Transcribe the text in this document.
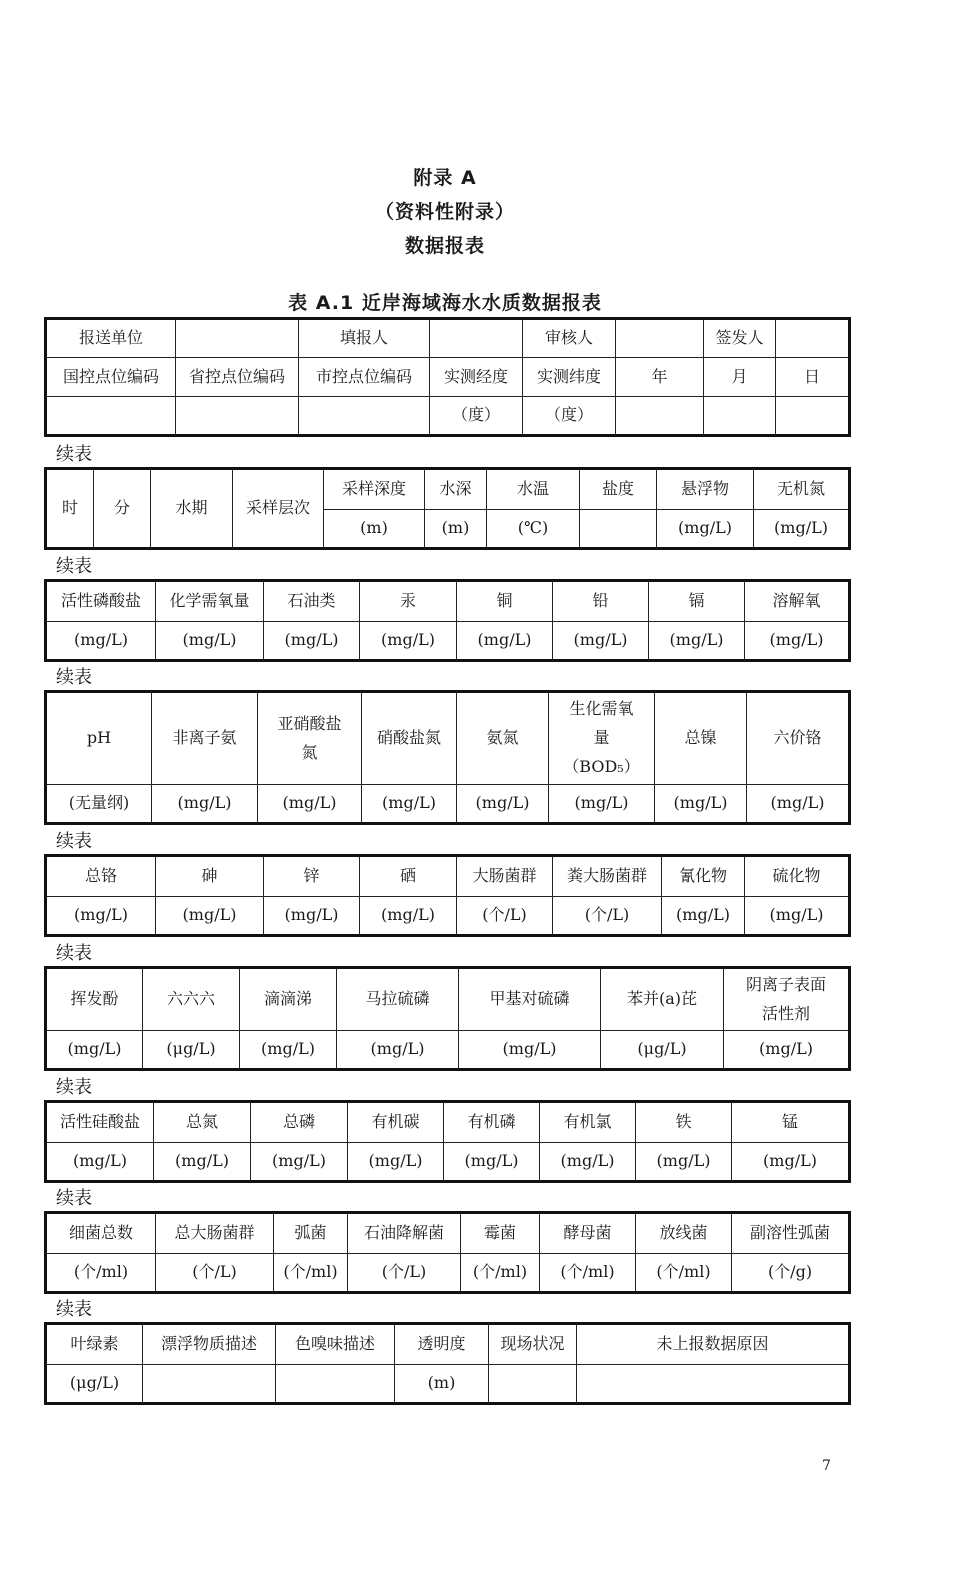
附录 A
（资料性附录）
数据报表
表 A.1 近岸海域海水水质数据报表
报送单位		填报人		审核人		签发人	
国控点位编码	省控点位编码	市控点位编码	实测经度	实测纬度	年	月	日
			（度）	（度）			
续表
时	分	水期	采样层次	采样深度	水深	水温	盐度	悬浮物	无机氮
				(m)	(m)	(℃)		(mg/L)	(mg/L)
续表
活性磷酸盐	化学需氧量	石油类	汞	铜	铅	镉	溶解氧
(mg/L)	(mg/L)	(mg/L)	(mg/L)	(mg/L)	(mg/L)	(mg/L)	(mg/L)
续表
pH	非离子氨	亚硝酸盐氮	硝酸盐氮	氨氮	生化需氧量（BOD₅）	总镍	六价铬
(无量纲)	(mg/L)	(mg/L)	(mg/L)	(mg/L)	(mg/L)	(mg/L)	(mg/L)
续表
总铬	砷	锌	硒	大肠菌群	粪大肠菌群	氰化物	硫化物
(mg/L)	(mg/L)	(mg/L)	(mg/L)	(个/L)	(个/L)	(mg/L)	(mg/L)
续表
挥发酚	六六六	滴滴涕	马拉硫磷	甲基对硫磷	苯并(a)芘	阴离子表面活性剂
(mg/L)	(μg/L)	(mg/L)	(mg/L)	(mg/L)	(μg/L)	(mg/L)
续表
活性硅酸盐	总氮	总磷	有机碳	有机磷	有机氯	铁	锰
(mg/L)	(mg/L)	(mg/L)	(mg/L)	(mg/L)	(mg/L)	(mg/L)	(mg/L)
续表
细菌总数	总大肠菌群	弧菌	石油降解菌	霉菌	酵母菌	放线菌	副溶性弧菌
(个/ml)	(个/L)	(个/ml)	(个/L)	(个/ml)	(个/ml)	(个/ml)	(个/g)
续表
叶绿素	漂浮物质描述	色嗅味描述	透明度	现场状况	未上报数据原因
(μg/L)			(m)		
7
